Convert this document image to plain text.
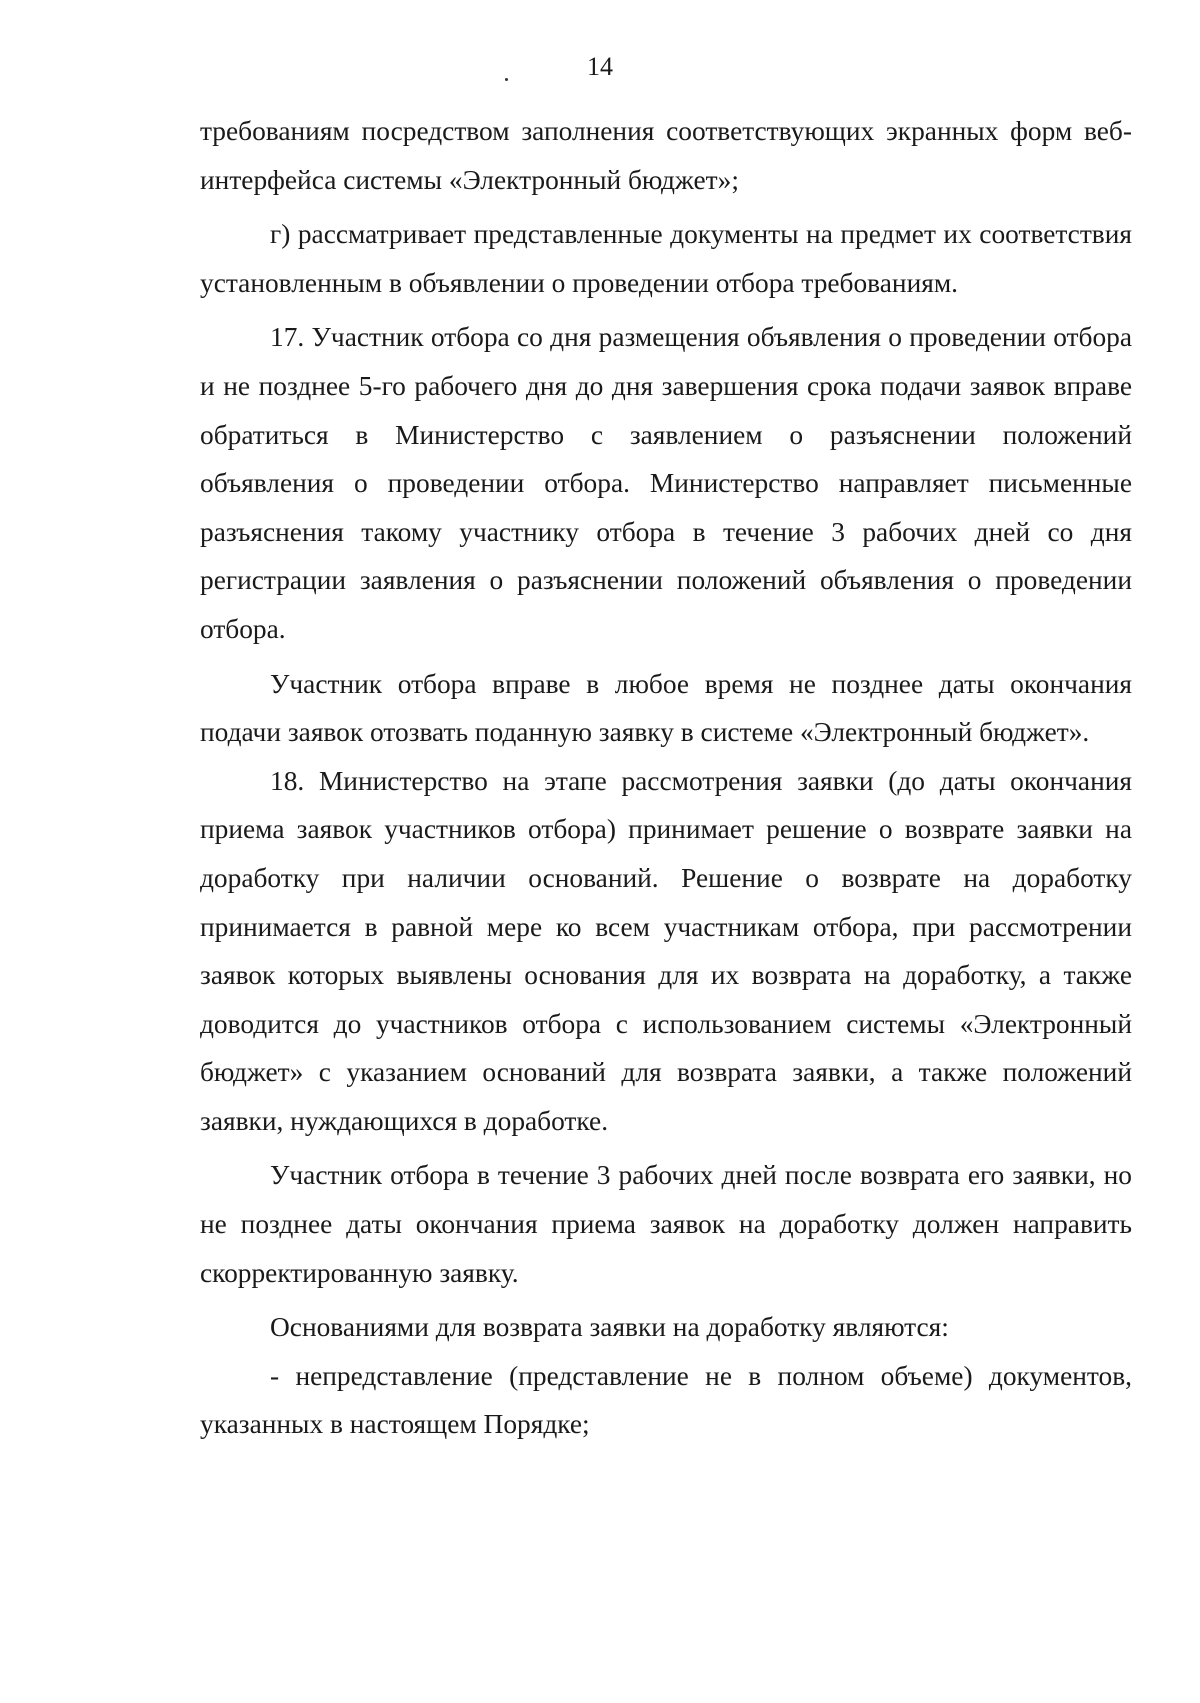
14

требованиям посредством заполнения соответствующих экранных форм веб-интерфейса системы «Электронный бюджет»;

г) рассматривает представленные документы на предмет их соответствия установленным в объявлении о проведении отбора требованиям.

17. Участник отбора со дня размещения объявления о проведении отбора и не позднее 5-го рабочего дня до дня завершения срока подачи заявок вправе обратиться в Министерство с заявлением о разъяснении положений объявления о проведении отбора. Министерство направляет письменные разъяснения такому участнику отбора в течение 3 рабочих дней со дня регистрации заявления о разъяснении положений объявления о проведении отбора.

Участник отбора вправе в любое время не позднее даты окончания подачи заявок отозвать поданную заявку в системе «Электронный бюджет».

18. Министерство на этапе рассмотрения заявки (до даты окончания приема заявок участников отбора) принимает решение о возврате заявки на доработку при наличии оснований. Решение о возврате на доработку принимается в равной мере ко всем участникам отбора, при рассмотрении заявок которых выявлены основания для их возврата на доработку, а также доводится до участников отбора с использованием системы «Электронный бюджет» с указанием оснований для возврата заявки, а также положений заявки, нуждающихся в доработке.

Участник отбора в течение 3 рабочих дней после возврата его заявки, но не позднее даты окончания приема заявок на доработку должен направить скорректированную заявку.

Основаниями для возврата заявки на доработку являются:

- непредставление (представление не в полном объеме) документов, указанных в настоящем Порядке;
